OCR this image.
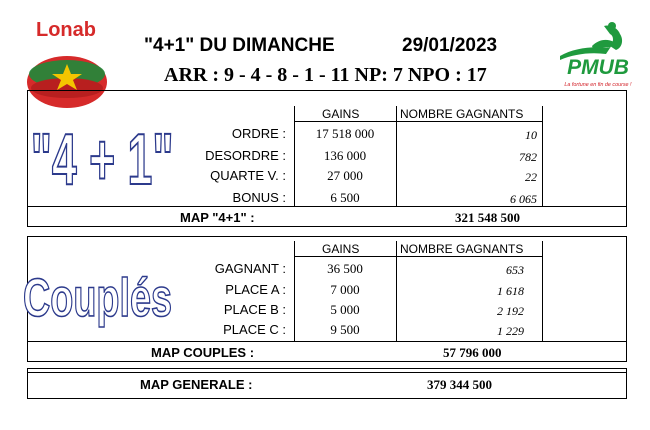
Lonab
"4+1" DU DIMANCHE	29/01/2023
ARR : 9 - 4 - 8 - 1 - 11 NP: 7 NPO : 17	PMUB
La fortune en fin de course !
"4 + 1"
GAINS	NOMBRE GAGNANTS
ORDRE :	17 518 000	10
DESORDRE :	136 000	782
QUARTE V. :	27 000	22
BONUS :	6 500	6 065
MAP "4+1" :	321 548 500
Couplés
GAINS	NOMBRE GAGNANTS
GAGNANT :	36 500	653
PLACE A :	7 000	1 618
PLACE B :	5 000	2 192
PLACE C :	9 500	1 229
MAP COUPLES :	57 796 000
MAP GENERALE :	379 344 500
